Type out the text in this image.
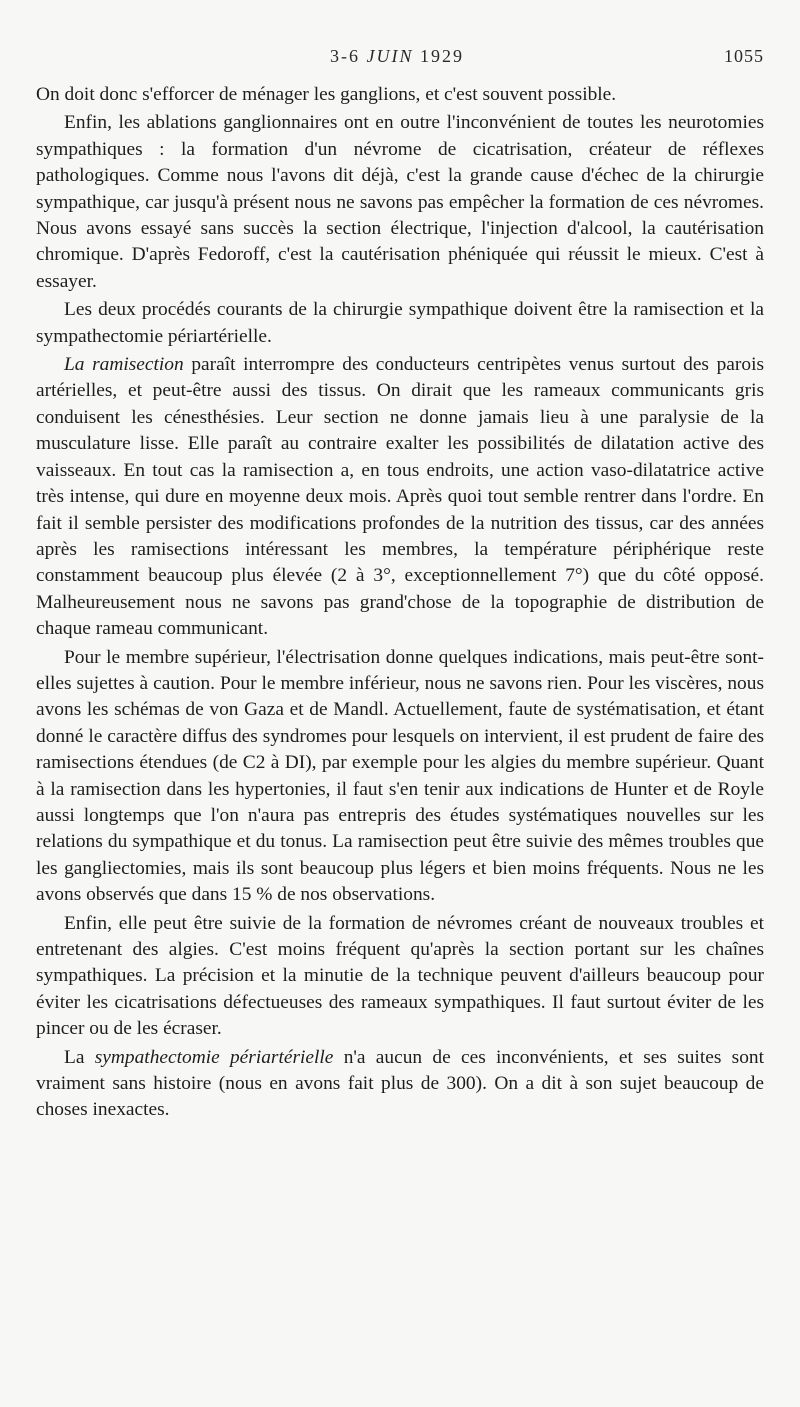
3-6 JUIN 1929	1055

On doit donc s'efforcer de ménager les ganglions, et c'est souvent possible.

Enfin, les ablations ganglionnaires ont en outre l'inconvénient de toutes les neurotomies sympathiques : la formation d'un névrome de cicatrisation, créateur de réflexes pathologiques. Comme nous l'avons dit déjà, c'est la grande cause d'échec de la chirurgie sympathique, car jusqu'à présent nous ne savons pas empêcher la formation de ces névromes. Nous avons essayé sans succès la section électrique, l'injection d'alcool, la cautérisation chromique. D'après Fedoroff, c'est la cautérisation phéniquée qui réussit le mieux. C'est à essayer.

Les deux procédés courants de la chirurgie sympathique doivent être la ramisection et la sympathectomie périartérielle.

La ramisection paraît interrompre des conducteurs centripètes venus surtout des parois artérielles, et peut-être aussi des tissus. On dirait que les rameaux communicants gris conduisent les cénesthésies. Leur section ne donne jamais lieu à une paralysie de la musculature lisse. Elle paraît au contraire exalter les possibilités de dilatation active des vaisseaux. En tout cas la ramisection a, en tous endroits, une action vaso-dilatatrice active très intense, qui dure en moyenne deux mois. Après quoi tout semble rentrer dans l'ordre. En fait il semble persister des modifications profondes de la nutrition des tissus, car des années après les ramisections intéressant les membres, la température périphérique reste constamment beaucoup plus élevée (2 à 3°, exceptionnellement 7°) que du côté opposé. Malheureusement nous ne savons pas grand'chose de la topographie de distribution de chaque rameau communicant.

Pour le membre supérieur, l'électrisation donne quelques indications, mais peut-être sont-elles sujettes à caution. Pour le membre inférieur, nous ne savons rien. Pour les viscères, nous avons les schémas de von Gaza et de Mandl. Actuellement, faute de systématisation, et étant donné le caractère diffus des syndromes pour lesquels on intervient, il est prudent de faire des ramisections étendues (de C2 à DI), par exemple pour les algies du membre supérieur. Quant à la ramisection dans les hypertonies, il faut s'en tenir aux indications de Hunter et de Royle aussi longtemps que l'on n'aura pas entrepris des études systématiques nouvelles sur les relations du sympathique et du tonus. La ramisection peut être suivie des mêmes troubles que les gangliectomies, mais ils sont beaucoup plus légers et bien moins fréquents. Nous ne les avons observés que dans 15 % de nos observations.

Enfin, elle peut être suivie de la formation de névromes créant de nouveaux troubles et entretenant des algies. C'est moins fréquent qu'après la section portant sur les chaînes sympathiques. La précision et la minutie de la technique peuvent d'ailleurs beaucoup pour éviter les cicatrisations défectueuses des rameaux sympathiques. Il faut surtout éviter de les pincer ou de les écraser.

La sympathectomie périartérielle n'a aucun de ces inconvénients, et ses suites sont vraiment sans histoire (nous en avons fait plus de 300). On a dit à son sujet beaucoup de choses inexactes.
